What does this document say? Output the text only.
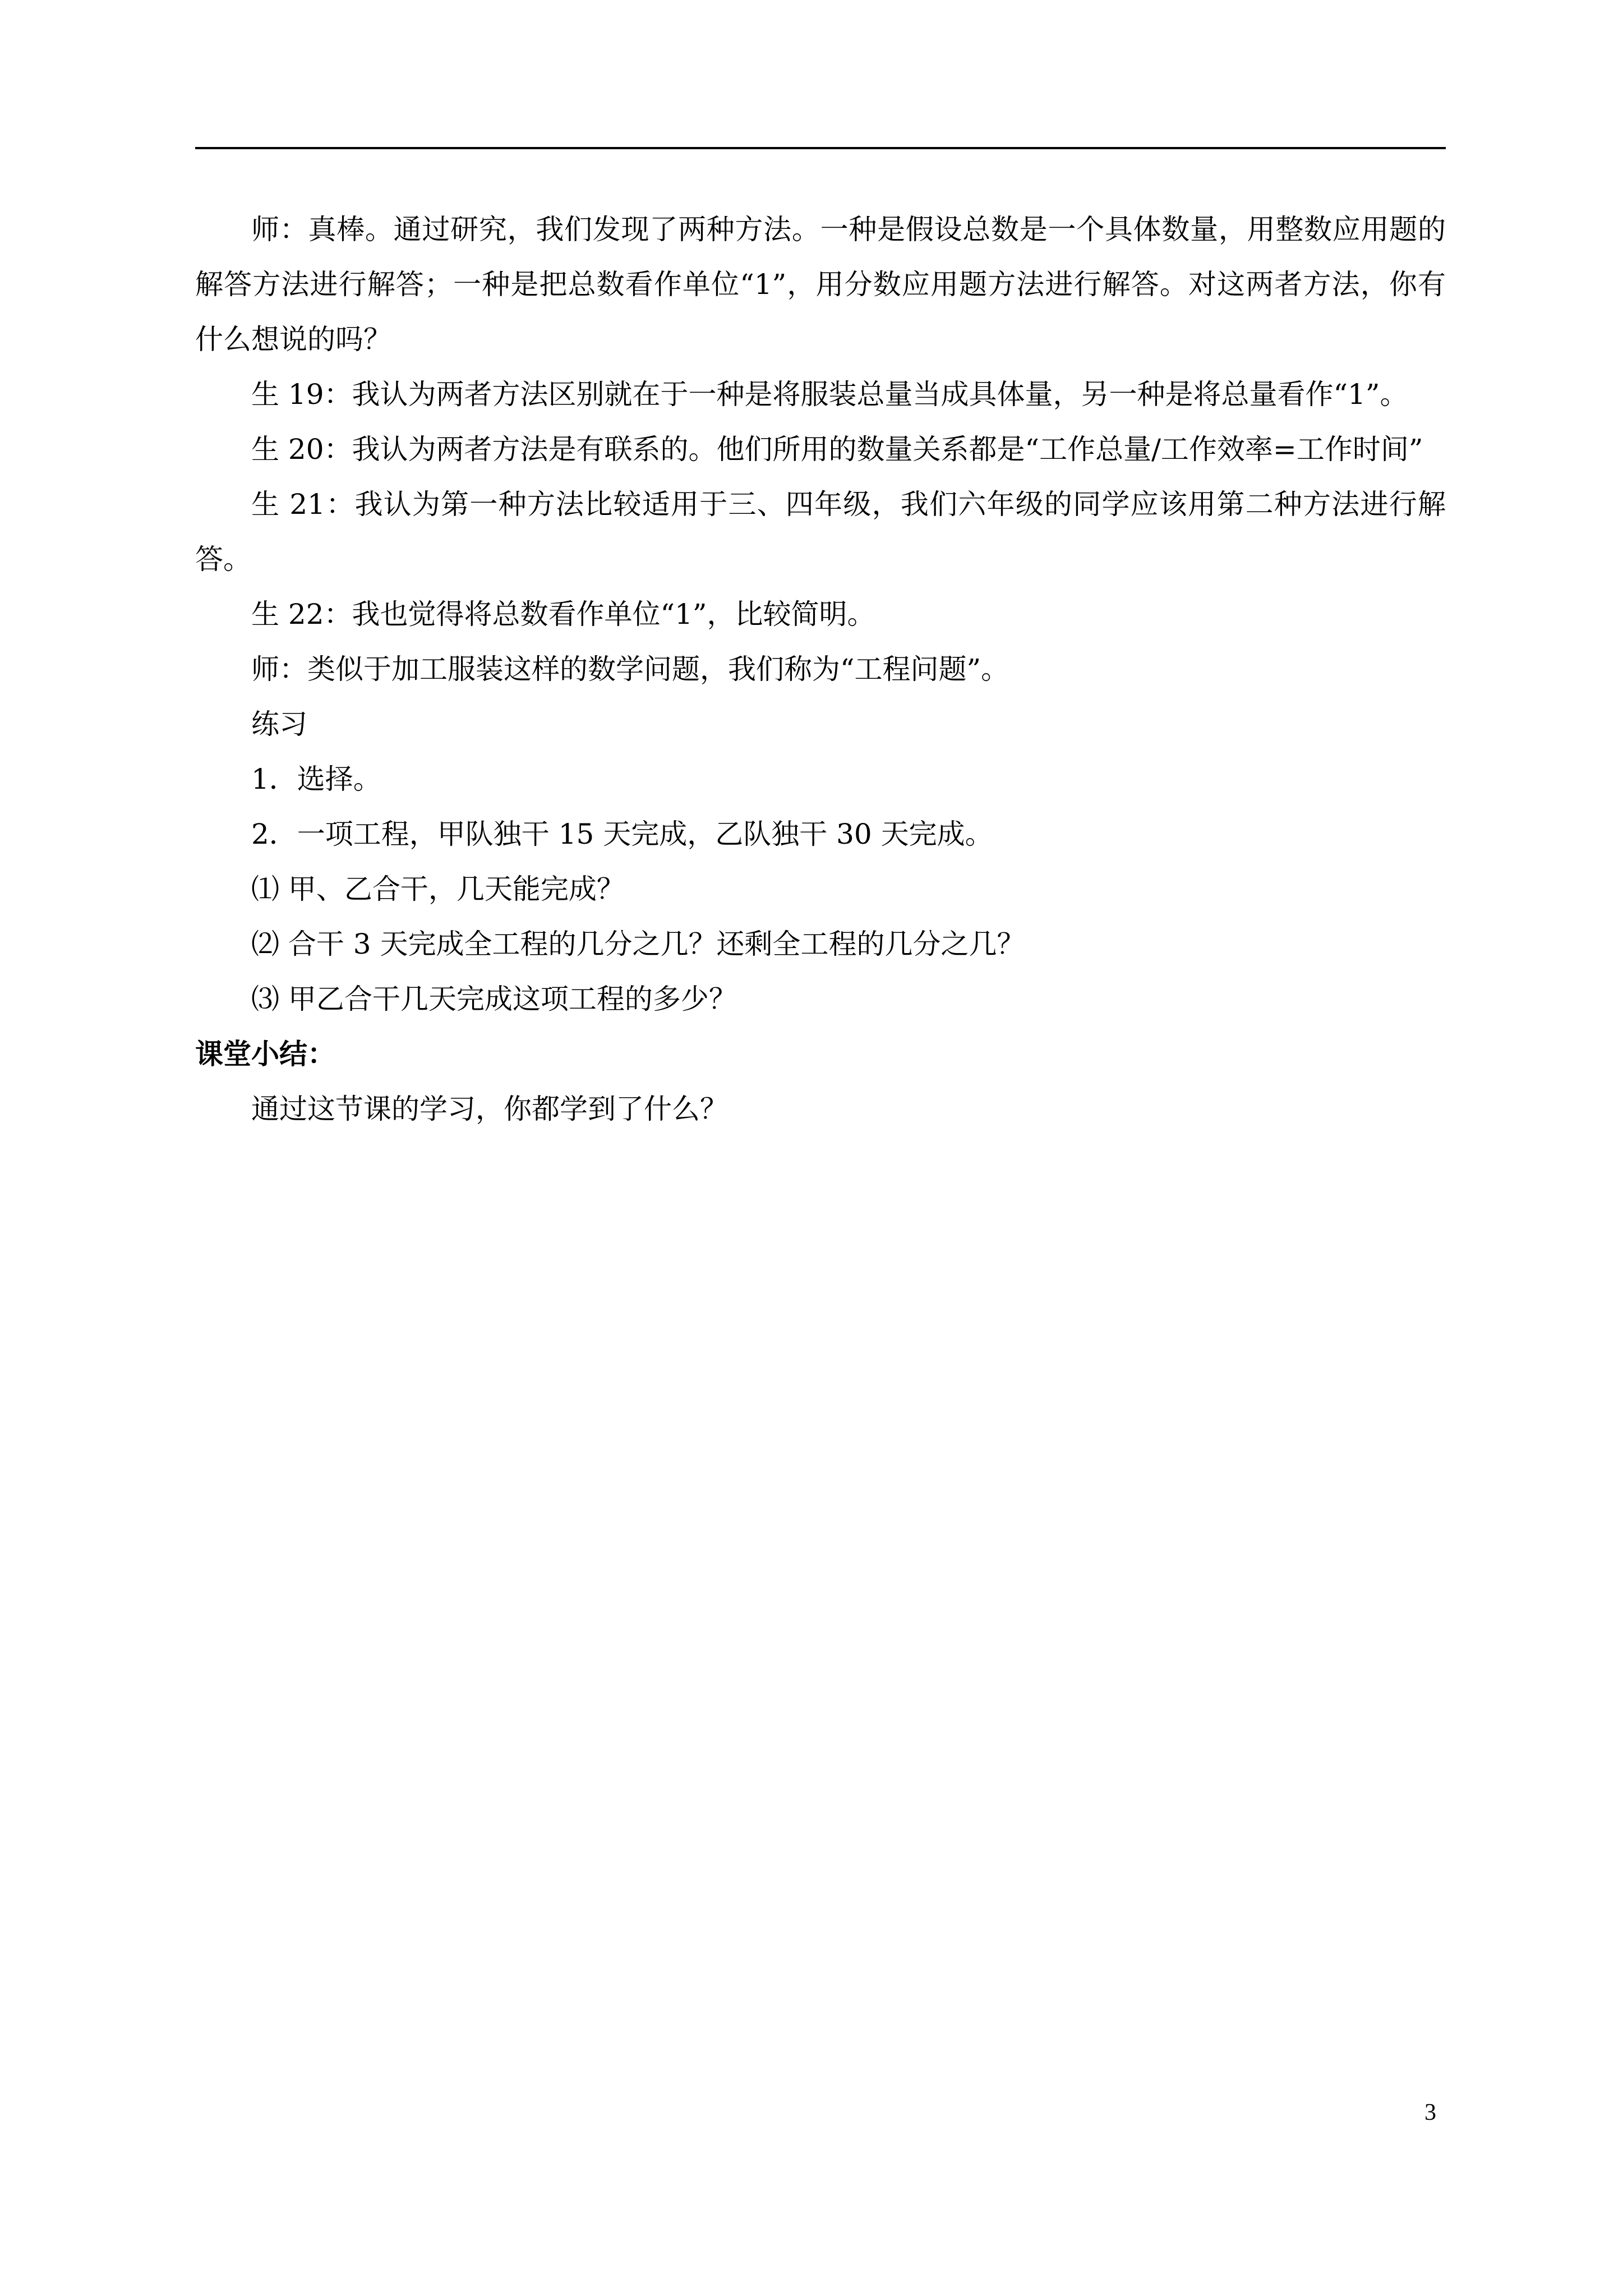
师：真棒。通过研究，我们发现了两种方法。一种是假设总数是一个具体数量，用整数应用题的解答方法进行解答；一种是把总数看作单位“1”，用分数应用题方法进行解答。对这两者方法，你有什么想说的吗？

生 19：我认为两者方法区别就在于一种是将服装总量当成具体量，另一种是将总量看作“1”。

生 20：我认为两者方法是有联系的。他们所用的数量关系都是“工作总量/工作效率=工作时间”

生 21：我认为第一种方法比较适用于三、四年级，我们六年级的同学应该用第二种方法进行解答。

生 22：我也觉得将总数看作单位“1”，比较简明。

师：类似于加工服装这样的数学问题，我们称为“工程问题”。

练习

1．选择。

2．一项工程，甲队独干 15 天完成，乙队独干 30 天完成。

⑴ 甲、乙合干，几天能完成？

⑵ 合干 3 天完成全工程的几分之几？还剩全工程的几分之几？

⑶ 甲乙合干几天完成这项工程的多少？

课堂小结：

通过这节课的学习，你都学到了什么？

3
